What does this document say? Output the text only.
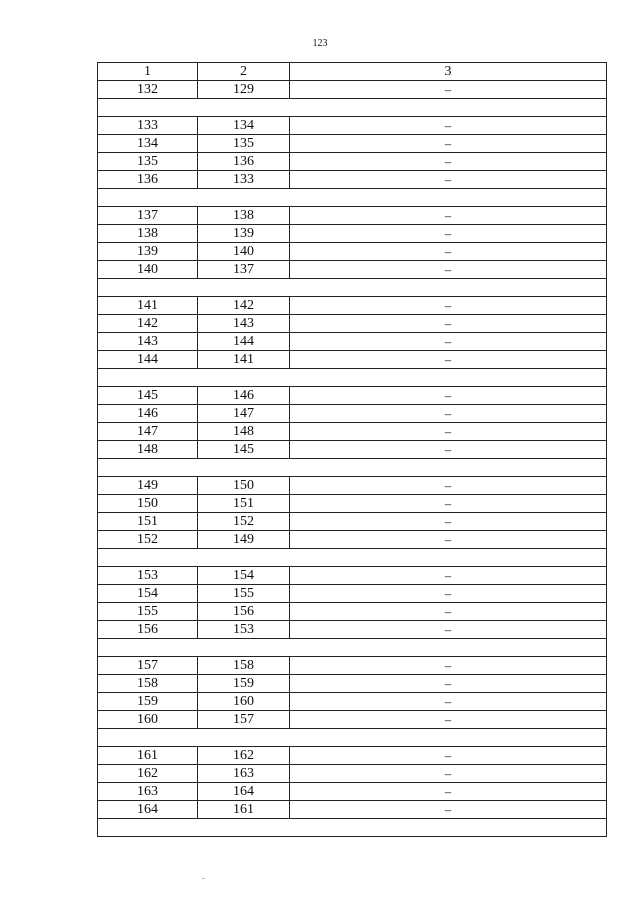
123
1	2	3
132	129	–

133	134	–
134	135	–
135	136	–
136	133	–

137	138	–
138	139	–
139	140	–
140	137	–

141	142	–
142	143	–
143	144	–
144	141	–

145	146	–
146	147	–
147	148	–
148	145	–

149	150	–
150	151	–
151	152	–
152	149	–

153	154	–
154	155	–
155	156	–
156	153	–

157	158	–
158	159	–
159	160	–
160	157	–

161	162	–
162	163	–
163	164	–
164	161	–
